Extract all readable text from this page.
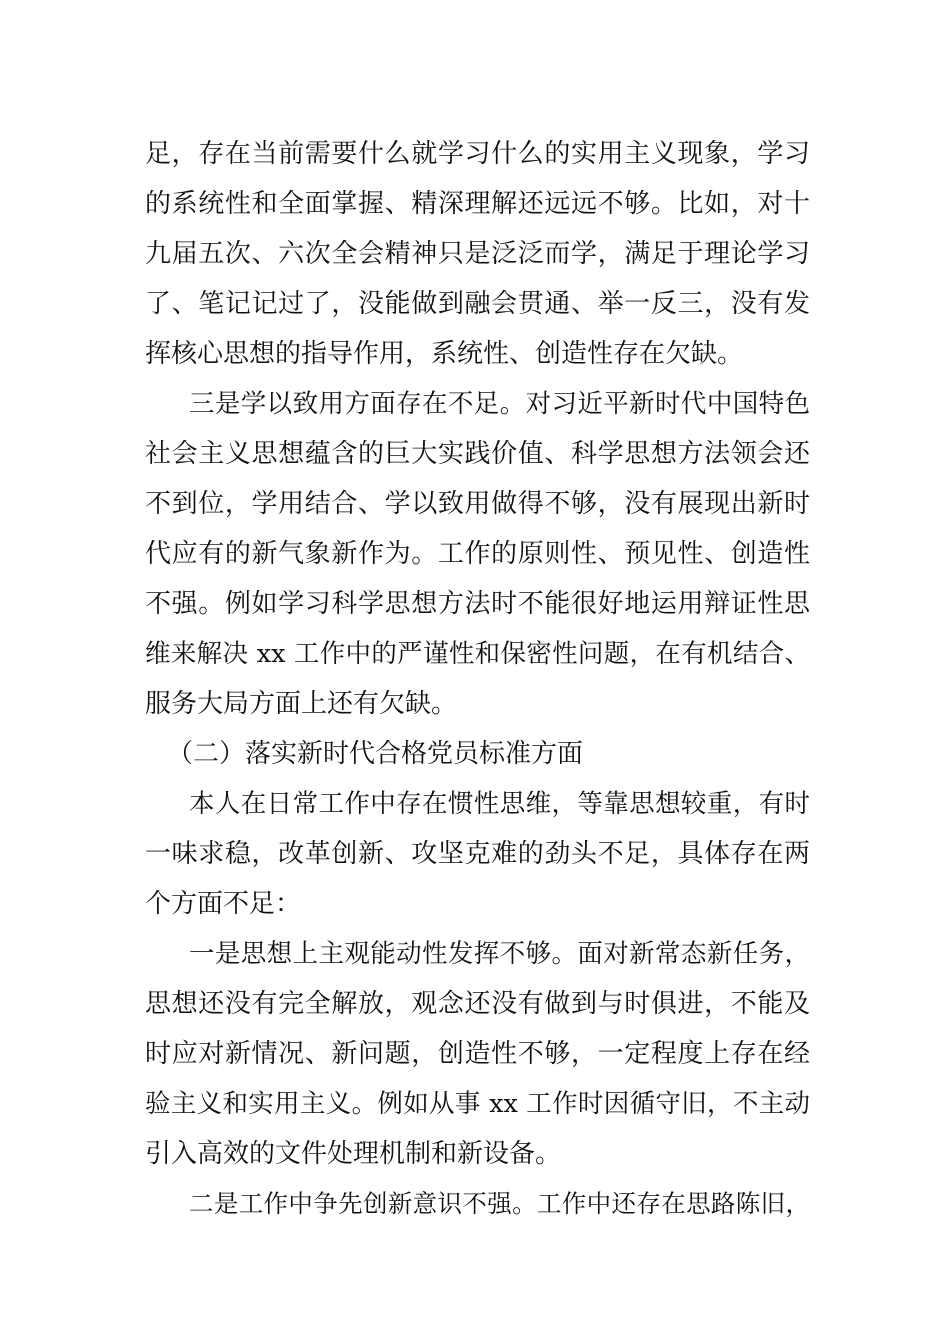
足，存在当前需要什么就学习什么的实用主义现象，学习
的系统性和全面掌握、精深理解还远远不够。比如，对十
九届五次、六次全会精神只是泛泛而学，满足于理论学习
了、笔记记过了，没能做到融会贯通、举一反三，没有发
挥核心思想的指导作用，系统性、创造性存在欠缺。
三是学以致用方面存在不足。对习近平新时代中国特色
社会主义思想蕴含的巨大实践价值、科学思想方法领会还
不到位，学用结合、学以致用做得不够，没有展现出新时
代应有的新气象新作为。工作的原则性、预见性、创造性
不强。例如学习科学思想方法时不能很好地运用辩证性思
维来解决 xx 工作中的严谨性和保密性问题，在有机结合、
服务大局方面上还有欠缺。
（二）落实新时代合格党员标准方面
本人在日常工作中存在惯性思维，等靠思想较重，有时
一味求稳，改革创新、攻坚克难的劲头不足，具体存在两
个方面不足：
一是思想上主观能动性发挥不够。面对新常态新任务，
思想还没有完全解放，观念还没有做到与时俱进，不能及
时应对新情况、新问题，创造性不够，一定程度上存在经
验主义和实用主义。例如从事 xx 工作时因循守旧，不主动
引入高效的文件处理机制和新设备。
二是工作中争先创新意识不强。工作中还存在思路陈旧，
